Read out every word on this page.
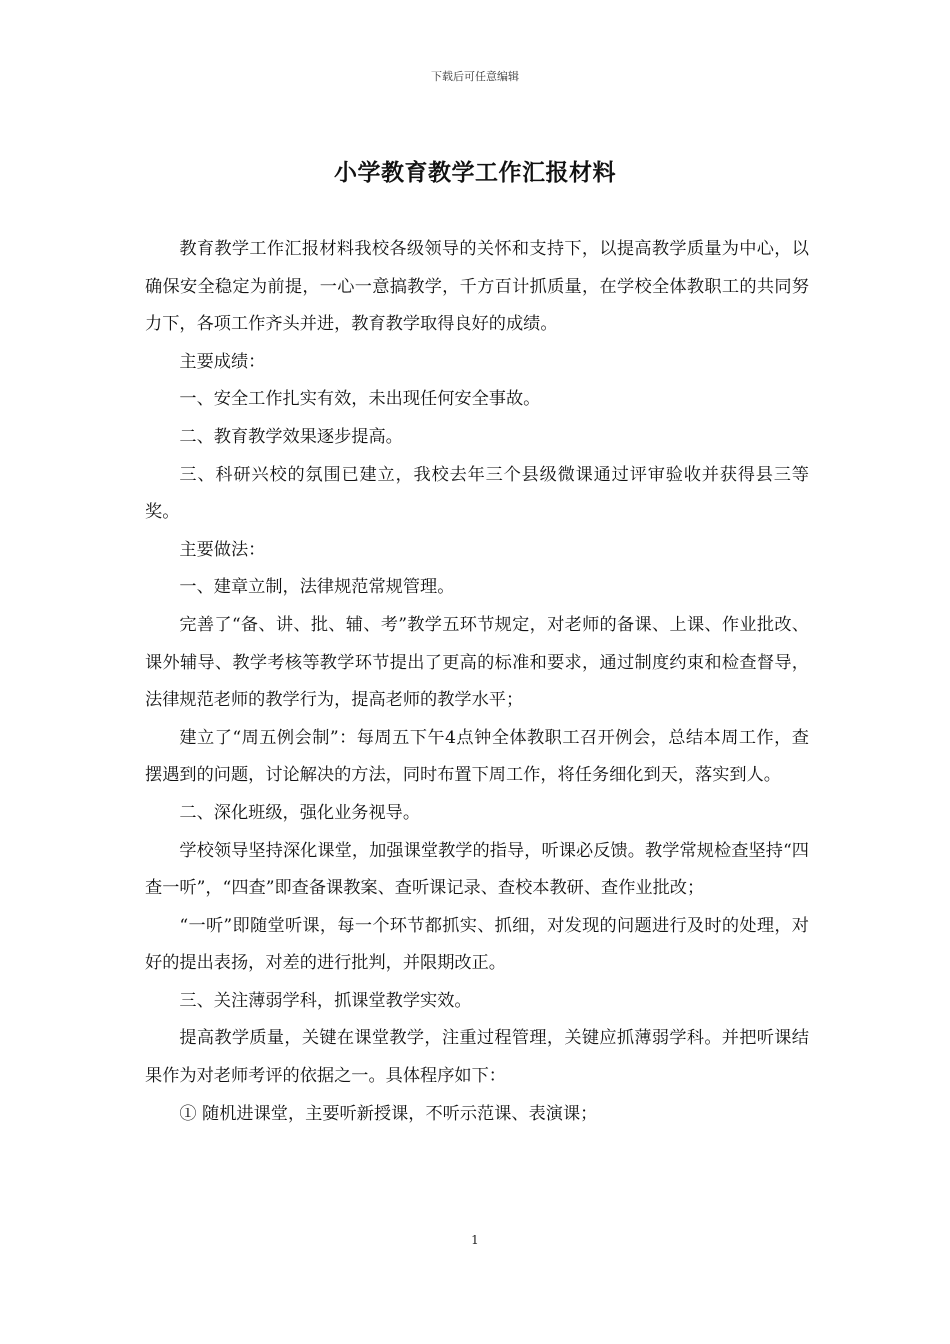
下载后可任意编辑
小学教育教学工作汇报材料

教育教学工作汇报材料我校各级领导的关怀和支持下，以提高教学质量为中心，以确保安全稳定为前提，一心一意搞教学，千方百计抓质量，在学校全体教职工的共同努力下，各项工作齐头并进，教育教学取得良好的成绩。

主要成绩：

一、安全工作扎实有效，未出现任何安全事故。

二、教育教学效果逐步提高。

三、科研兴校的氛围已建立，我校去年三个县级微课通过评审验收并获得县三等奖。

主要做法：

一、建章立制，法律规范常规管理。

完善了“备、讲、批、辅、考”教学五环节规定，对老师的备课、上课、作业批改、课外辅导、教学考核等教学环节提出了更高的标准和要求，通过制度约束和检查督导，法律规范老师的教学行为，提高老师的教学水平；

建立了“周五例会制”：每周五下午4点钟全体教职工召开例会，总结本周工作，查摆遇到的问题，讨论解决的方法，同时布置下周工作，将任务细化到天，落实到人。

二、深化班级，强化业务视导。

学校领导坚持深化课堂，加强课堂教学的指导，听课必反馈。教学常规检查坚持“四查一听”，“四查”即查备课教案、查听课记录、查校本教研、查作业批改；

“一听”即随堂听课，每一个环节都抓实、抓细，对发现的问题进行及时的处理，对好的提出表扬，对差的进行批判，并限期改正。

三、关注薄弱学科，抓课堂教学实效。

提高教学质量，关键在课堂教学，注重过程管理，关键应抓薄弱学科。并把听课结果作为对老师考评的依据之一。具体程序如下：

① 随机进课堂，主要听新授课，不听示范课、表演课；

1
